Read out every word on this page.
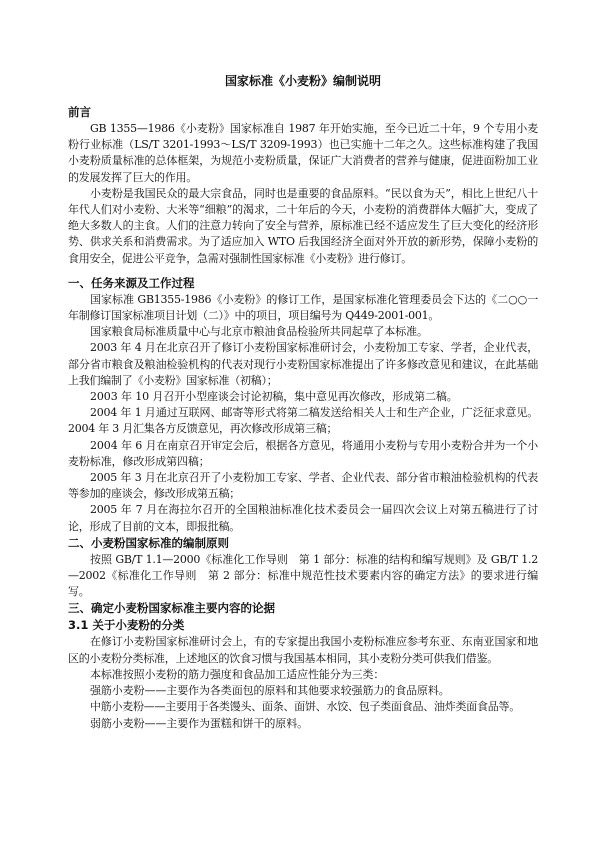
国家标准《小麦粉》编制说明
前言

GB 1355—1986《小麦粉》国家标准自 1987 年开始实施，至今已近二十年，9 个专用小麦粉行业标准（LS/T 3201-1993～LS/T 3209-1993）也已实施十二年之久。这些标准构建了我国小麦粉质量标准的总体框架，为规范小麦粉质量，保证广大消费者的营养与健康，促进面粉加工业的发展发挥了巨大的作用。

小麦粉是我国民众的最大宗食品，同时也是重要的食品原料。“民以食为天”，相比上世纪八十年代人们对小麦粉、大米等“细粮”的渴求，二十年后的今天，小麦粉的消费群体大幅扩大，变成了绝大多数人的主食。人们的注意力转向了安全与营养，原标准已经不适应发生了巨大变化的经济形势、供求关系和消费需求。为了适应加入 WTO 后我国经济全面对外开放的新形势，保障小麦粉的食用安全，促进公平竞争，急需对强制性国家标准《小麦粉》进行修订。

一、任务来源及工作过程

国家标准 GB1355-1986《小麦粉》的修订工作，是国家标准化管理委员会下达的《二○○一年制修订国家标准项目计划（二）》中的项目，项目编号为 Q449-2001-001。

国家粮食局标准质量中心与北京市粮油食品检验所共同起草了本标准。

2003 年 4 月在北京召开了修订小麦粉国家标准研讨会，小麦粉加工专家、学者，企业代表，部分省市粮食及粮油检验机构的代表对现行小麦粉国家标准提出了许多修改意见和建议，在此基础上我们编制了《小麦粉》国家标准（初稿）；

2003 年 10 月召开小型座谈会讨论初稿，集中意见再次修改，形成第二稿。

2004 年 1 月通过互联网、邮寄等形式将第二稿发送给相关人士和生产企业，广泛征求意见。2004 年 3 月汇集各方反馈意见，再次修改形成第三稿；

2004 年 6 月在南京召开审定会后，根据各方意见，将通用小麦粉与专用小麦粉合并为一个小麦粉标准，修改形成第四稿；

2005 年 3 月在北京召开了小麦粉加工专家、学者、企业代表、部分省市粮油检验机构的代表等参加的座谈会，修改形成第五稿；

2005 年 7 月在海拉尔召开的全国粮油标准化技术委员会一届四次会议上对第五稿进行了讨论，形成了目前的文本，即报批稿。

二、小麦粉国家标准的编制原则

按照 GB/T 1.1—2000《标准化工作导则　第 1 部分：标准的结构和编写规则》及 GB/T 1.2—2002《标准化工作导则　第 2 部分：标准中规范性技术要素内容的确定方法》的要求进行编写。

三、确定小麦粉国家标准主要内容的论据
3.1 关于小麦粉的分类

在修订小麦粉国家标准研讨会上，有的专家提出我国小麦粉标准应参考东亚、东南亚国家和地区的小麦粉分类标准，上述地区的饮食习惯与我国基本相同，其小麦粉分类可供我们借鉴。

本标准按照小麦粉的筋力强度和食品加工适应性能分为三类：

强筋小麦粉——主要作为各类面包的原料和其他要求较强筋力的食品原料。

中筋小麦粉——主要用于各类馒头、面条、面饼、水饺、包子类面食品、油炸类面食品等。

弱筋小麦粉——主要作为蛋糕和饼干的原料。
